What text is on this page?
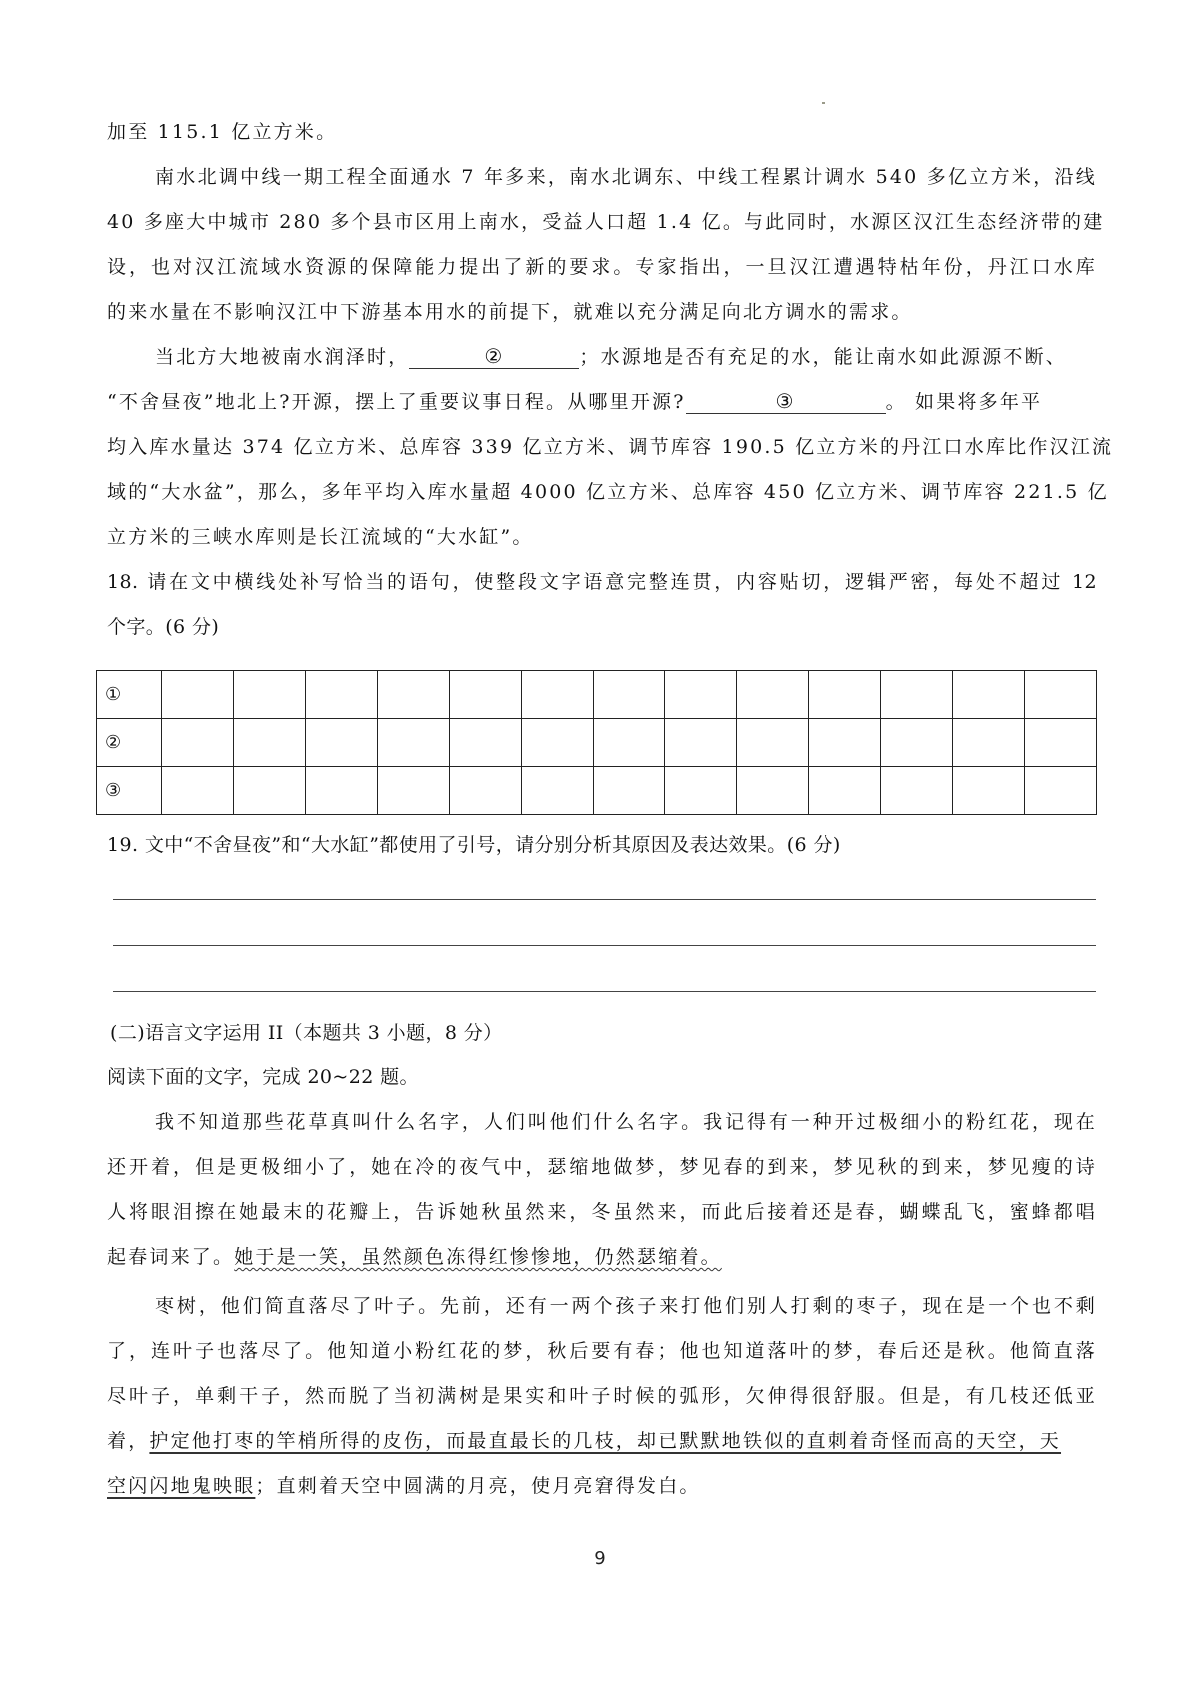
加至 115.1 亿立方米。
南水北调中线一期工程全面通水 7 年多来，南水北调东、中线工程累计调水 540 多亿立方米，沿线
40 多座大中城市 280 多个县市区用上南水，受益人口超 1.4 亿。与此同时，水源区汉江生态经济带的建
设，也对汉江流域水资源的保障能力提出了新的要求。专家指出，一旦汉江遭遇特枯年份，丹江口水库
的来水量在不影响汉江中下游基本用水的前提下，就难以充分满足向北方调水的需求。
当北方大地被南水润泽时，	②	；水源地是否有充足的水，能让南水如此源源不断、
“不舍昼夜”地北上?开源，摆上了重要议事日程。从哪里开源?	③	。 如果将多年平
均入库水量达 374 亿立方米、总库容 339 亿立方米、调节库容 190.5 亿立方米的丹江口水库比作汉江流
域的“大水盆”，那么，多年平均入库水量超 4000 亿立方米、总库容 450 亿立方米、调节库容 221.5 亿
立方米的三峡水库则是长江流域的“大水缸”。
18. 请在文中横线处补写恰当的语句，使整段文字语意完整连贯，内容贴切，逻辑严密，每处不超过 12
个字。(6 分)
①													
②													
③													
19. 文中“不舍昼夜”和“大水缸”都使用了引号，请分别分析其原因及表达效果。(6 分)
(二)语言文字运用 II（本题共 3 小题，8 分）
阅读下面的文字，完成 20~22 题。
我不知道那些花草真叫什么名字，人们叫他们什么名字。我记得有一种开过极细小的粉红花，现在
还开着，但是更极细小了，她在冷的夜气中，瑟缩地做梦，梦见春的到来，梦见秋的到来，梦见瘦的诗
人将眼泪擦在她最末的花瓣上，告诉她秋虽然来，冬虽然来，而此后接着还是春，蝴蝶乱飞，蜜蜂都唱
起春词来了。她于是一笑，虽然颜色冻得红惨惨地，仍然瑟缩着。
枣树，他们简直落尽了叶子。先前，还有一两个孩子来打他们别人打剩的枣子，现在是一个也不剩
了，连叶子也落尽了。他知道小粉红花的梦，秋后要有春；他也知道落叶的梦，春后还是秋。他简直落
尽叶子，单剩干子，然而脱了当初满树是果实和叶子时候的弧形，欠伸得很舒服。但是，有几枝还低亚
着，护定他打枣的竿梢所得的皮伤，而最直最长的几枝，却已默默地铁似的直刺着奇怪而高的天空，天
空闪闪地鬼映眼；直刺着天空中圆满的月亮，使月亮窘得发白。
9
